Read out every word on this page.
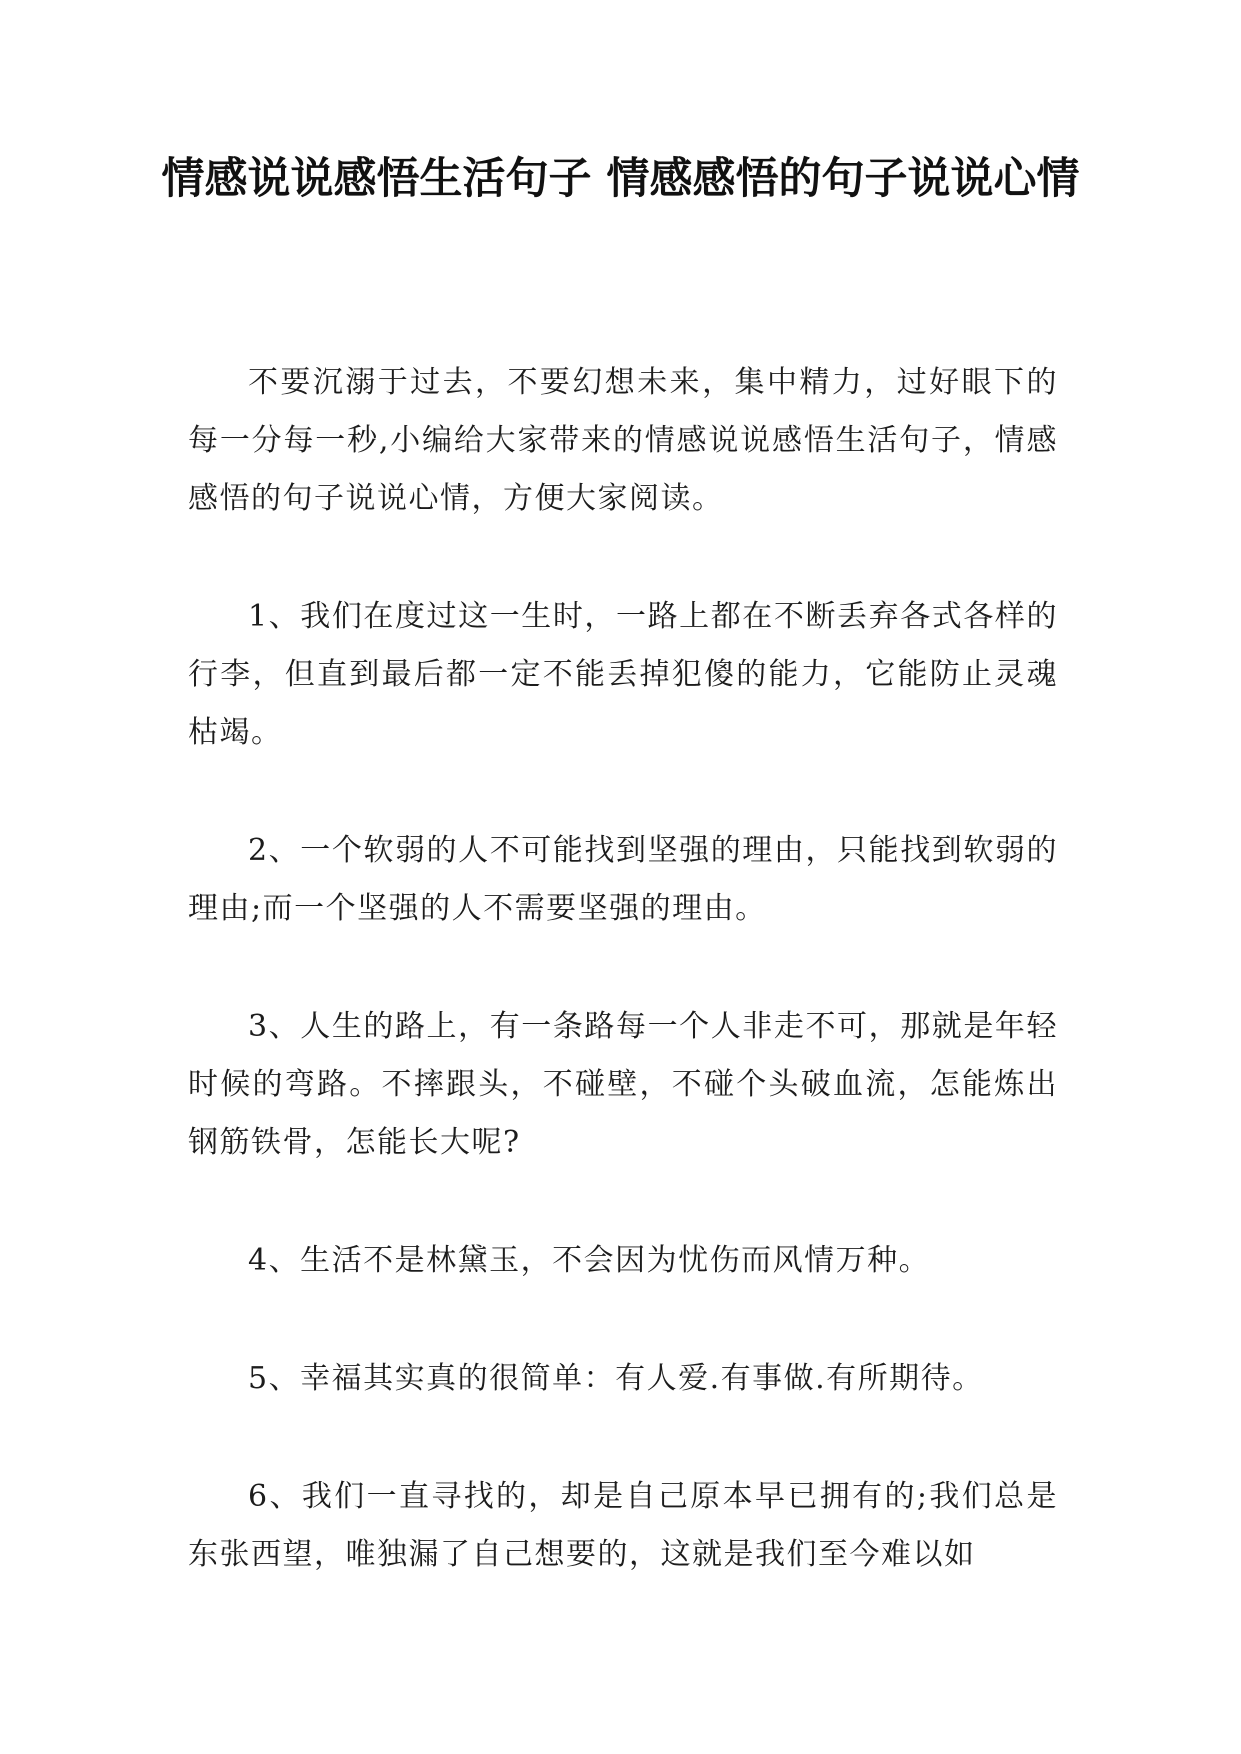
情感说说感悟生活句子 情感感悟的句子说说心情

不要沉溺于过去，不要幻想未来，集中精力，过好眼下的每一分每一秒,小编给大家带来的情感说说感悟生活句子，情感感悟的句子说说心情，方便大家阅读。

1、我们在度过这一生时，一路上都在不断丢弃各式各样的行李，但直到最后都一定不能丢掉犯傻的能力，它能防止灵魂枯竭。

2、一个软弱的人不可能找到坚强的理由，只能找到软弱的理由;而一个坚强的人不需要坚强的理由。

3、人生的路上，有一条路每一个人非走不可，那就是年轻时候的弯路。不摔跟头，不碰壁，不碰个头破血流，怎能炼出钢筋铁骨，怎能长大呢?

4、生活不是林黛玉，不会因为忧伤而风情万种。

5、幸福其实真的很简单：有人爱.有事做.有所期待。

6、我们一直寻找的，却是自己原本早已拥有的;我们总是东张西望，唯独漏了自己想要的，这就是我们至今难以如
